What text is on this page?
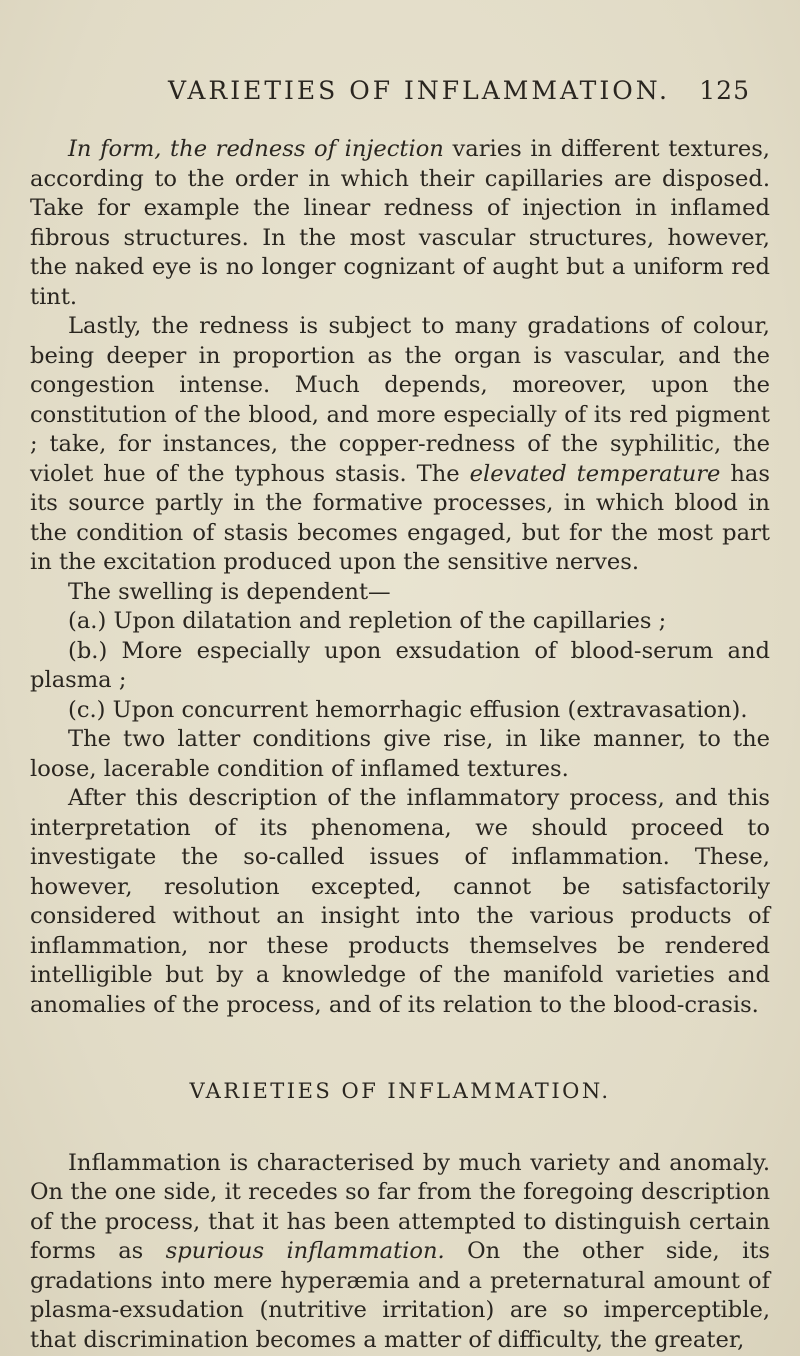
VARIETIES OF INFLAMMATION. 125

In form, the redness of injection varies in different textures, according to the order in which their capillaries are disposed. Take for example the linear redness of injection in inflamed fibrous structures. In the most vascular structures, however, the naked eye is no longer cognizant of aught but a uniform red tint.

Lastly, the redness is subject to many gradations of colour, being deeper in proportion as the organ is vascular, and the congestion intense. Much depends, moreover, upon the constitution of the blood, and more especially of its red pigment ; take, for instances, the copper-redness of the syphilitic, the violet hue of the typhous stasis. The elevated temperature has its source partly in the formative processes, in which blood in the condition of stasis becomes engaged, but for the most part in the excitation produced upon the sensitive nerves.

The swelling is dependent—

(a.) Upon dilatation and repletion of the capillaries ;

(b.) More especially upon exsudation of blood-serum and plasma ;

(c.) Upon concurrent hemorrhagic effusion (extravasation).

The two latter conditions give rise, in like manner, to the loose, lacerable condition of inflamed textures.

After this description of the inflammatory process, and this interpretation of its phenomena, we should proceed to investigate the so-called issues of inflammation. These, however, resolution excepted, cannot be satisfactorily considered without an insight into the various products of inflammation, nor these products themselves be rendered intelligible but by a knowledge of the manifold varieties and anomalies of the process, and of its relation to the blood-crasis.

VARIETIES OF INFLAMMATION.

Inflammation is characterised by much variety and anomaly. On the one side, it recedes so far from the foregoing description of the process, that it has been attempted to distinguish certain forms as spurious inflammation. On the other side, its gradations into mere hyperæmia and a preternatural amount of plasma-exsudation (nutritive irritation) are so imperceptible, that discrimination becomes a matter of difficulty, the greater,
